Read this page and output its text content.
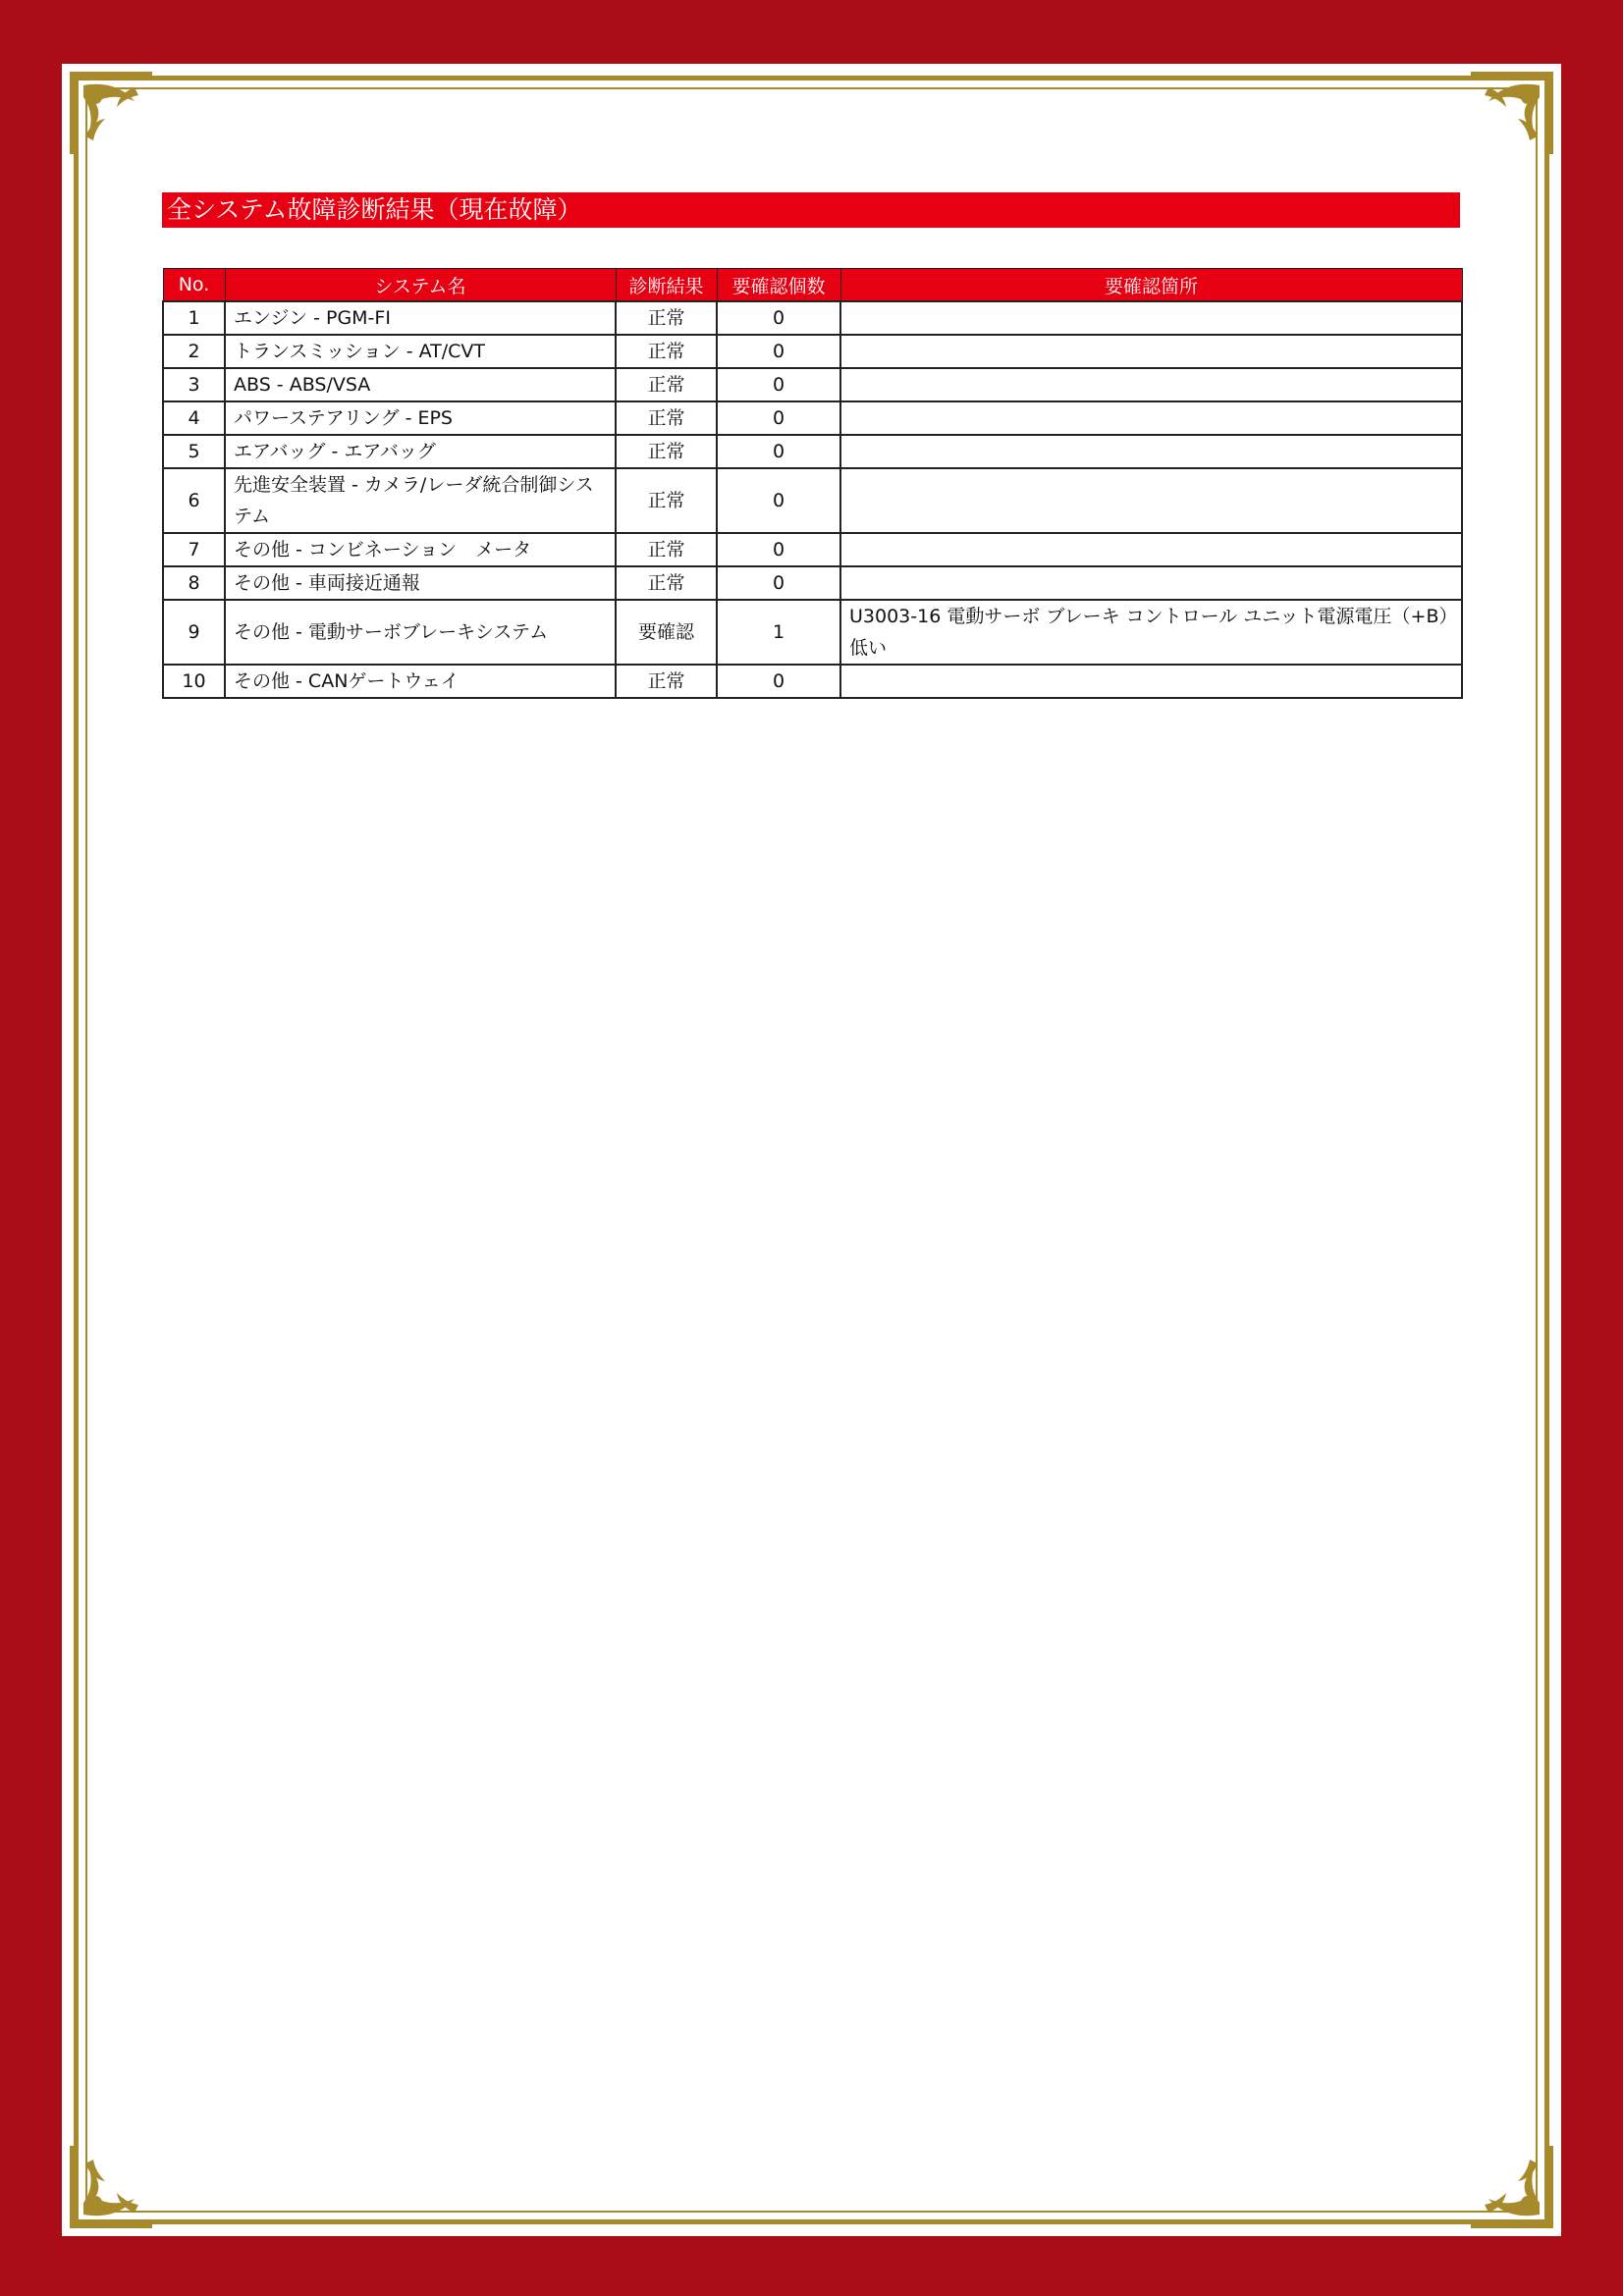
全システム故障診断結果（現在故障）
No.	システム名	診断結果	要確認個数	要確認箇所
1	エンジン - PGM-FI	正常	0	
2	トランスミッション - AT/CVT	正常	0	
3	ABS - ABS/VSA	正常	0	
4	パワーステアリング - EPS	正常	0	
5	エアバッグ - エアバッグ	正常	0	
6	先進安全装置 - カメラ/レーダ統合制御システム	正常	0	
7	その他 - コンビネーション　メータ	正常	0	
8	その他 - 車両接近通報	正常	0	
9	その他 - 電動サーボブレーキシステム	要確認	1	U3003-16 電動サーボ ブレーキ コントロール ユニット電源電圧（+B）低い
10	その他 - CANゲートウェイ	正常	0	
